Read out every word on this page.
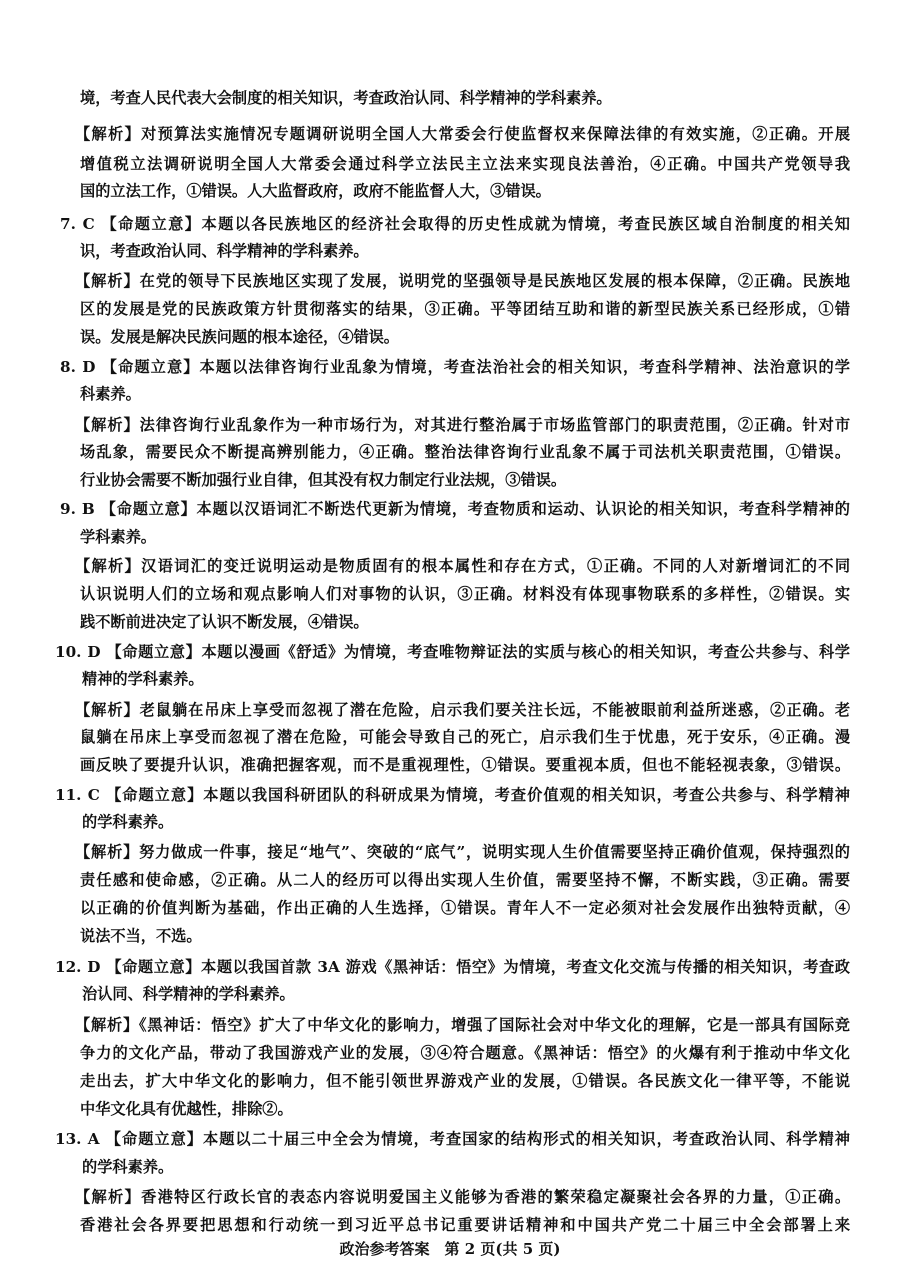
境，考查人民代表大会制度的相关知识，考查政治认同、科学精神的学科素养。
【解析】对预算法实施情况专题调研说明全国人大常委会行使监督权来保障法律的有效实施，②正确。开展
增值税立法调研说明全国人大常委会通过科学立法民主立法来实现良法善治，④正确。中国共产党领导我
国的立法工作，①错误。人大监督政府，政府不能监督人大，③错误。
7. C 【命题立意】本题以各民族地区的经济社会取得的历史性成就为情境，考查民族区域自治制度的相关知
识，考查政治认同、科学精神的学科素养。
【解析】在党的领导下民族地区实现了发展，说明党的坚强领导是民族地区发展的根本保障，②正确。民族地
区的发展是党的民族政策方针贯彻落实的结果，③正确。平等团结互助和谐的新型民族关系已经形成，①错
误。发展是解决民族问题的根本途径，④错误。
8. D 【命题立意】本题以法律咨询行业乱象为情境，考查法治社会的相关知识，考查科学精神、法治意识的学
科素养。
【解析】法律咨询行业乱象作为一种市场行为，对其进行整治属于市场监管部门的职责范围，②正确。针对市
场乱象，需要民众不断提高辨别能力，④正确。整治法律咨询行业乱象不属于司法机关职责范围，①错误。
行业协会需要不断加强行业自律，但其没有权力制定行业法规，③错误。
9. B 【命题立意】本题以汉语词汇不断迭代更新为情境，考查物质和运动、认识论的相关知识，考查科学精神的
学科素养。
【解析】汉语词汇的变迁说明运动是物质固有的根本属性和存在方式，①正确。不同的人对新增词汇的不同
认识说明人们的立场和观点影响人们对事物的认识，③正确。材料没有体现事物联系的多样性，②错误。实
践不断前进决定了认识不断发展，④错误。
10. D 【命题立意】本题以漫画《舒适》为情境，考查唯物辩证法的实质与核心的相关知识，考查公共参与、科学
精神的学科素养。
【解析】老鼠躺在吊床上享受而忽视了潜在危险，启示我们要关注长远，不能被眼前利益所迷惑，②正确。老
鼠躺在吊床上享受而忽视了潜在危险，可能会导致自己的死亡，启示我们生于忧患，死于安乐，④正确。漫
画反映了要提升认识，准确把握客观，而不是重视理性，①错误。要重视本质，但也不能轻视表象，③错误。
11. C 【命题立意】本题以我国科研团队的科研成果为情境，考查价值观的相关知识，考查公共参与、科学精神
的学科素养。
【解析】努力做成一件事，接足“地气”、突破的“底气”，说明实现人生价值需要坚持正确价值观，保持强烈的
责任感和使命感，②正确。从二人的经历可以得出实现人生价值，需要坚持不懈，不断实践，③正确。需要
以正确的价值判断为基础，作出正确的人生选择，①错误。青年人不一定必须对社会发展作出独特贡献，④
说法不当，不选。
12. D 【命题立意】本题以我国首款 3A 游戏《黑神话：悟空》为情境，考查文化交流与传播的相关知识，考查政
治认同、科学精神的学科素养。
【解析】《黑神话：悟空》扩大了中华文化的影响力，增强了国际社会对中华文化的理解，它是一部具有国际竞
争力的文化产品，带动了我国游戏产业的发展，③④符合题意。《黑神话：悟空》的火爆有利于推动中华文化
走出去，扩大中华文化的影响力，但不能引领世界游戏产业的发展，①错误。各民族文化一律平等，不能说
中华文化具有优越性，排除②。
13. A 【命题立意】本题以二十届三中全会为情境，考查国家的结构形式的相关知识，考查政治认同、科学精神
的学科素养。
【解析】香港特区行政长官的表态内容说明爱国主义能够为香港的繁荣稳定凝聚社会各界的力量，①正确。
香港社会各界要把思想和行动统一到习近平总书记重要讲话精神和中国共产党二十届三中全会部署上来
政治参考答案　第 2 页(共 5 页)
